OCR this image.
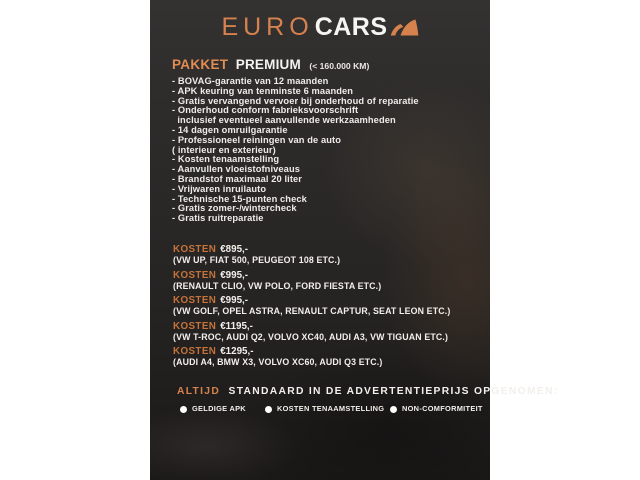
EUROCARS
PAKKET PREMIUM (< 160.000 KM)
- BOVAG-garantie van 12 maanden
- APK keuring van tenminste 6 maanden
- Gratis vervangend vervoer bij onderhoud of reparatie
- Onderhoud conform fabrieksvoorschrift
inclusief eventueel aanvullende werkzaamheden
- 14 dagen omruilgarantie
- Professioneel reiningen van de auto
( interieur en exterieur)
- Kosten tenaamstelling
- Aanvullen vloeistofniveaus
- Brandstof maximaal 20 liter
- Vrijwaren inruilauto
- Technische 15-punten check
- Gratis zomer-/wintercheck
- Gratis ruitreparatie
KOSTEN €895,-
(VW UP, FIAT 500, PEUGEOT 108 ETC.)
KOSTEN €995,-
(RENAULT CLIO, VW POLO, FORD FIESTA ETC.)
KOSTEN €995,-
(VW GOLF, OPEL ASTRA, RENAULT CAPTUR, SEAT LEON ETC.)
KOSTEN €1195,-
(VW T-ROC, AUDI Q2, VOLVO XC40, AUDI A3, VW TIGUAN ETC.)
KOSTEN €1295,-
(AUDI A4, BMW X3, VOLVO XC60, AUDI Q3 ETC.)
ALTIJD STANDAARD IN DE ADVERTENTIEPRIJS OPGENOMEN:
GELDIGE APK	KOSTEN TENAAMSTELLING	NON-COMFORMITEIT
